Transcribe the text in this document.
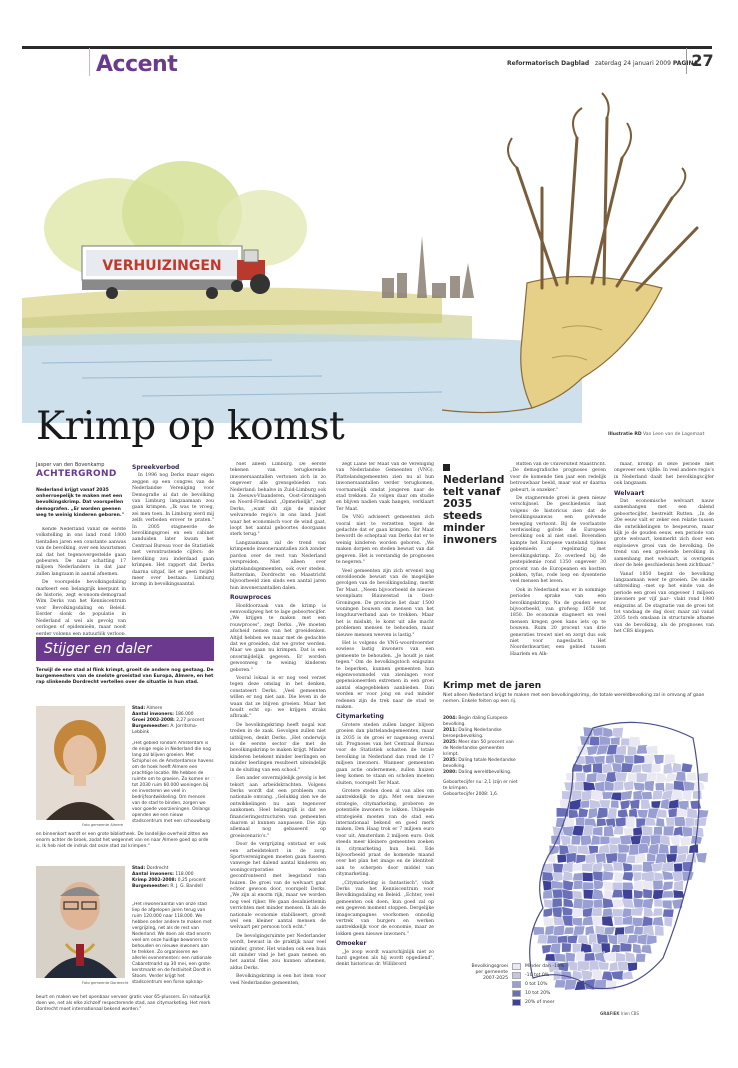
Accent	Reformatorisch Dagblad zaterdag 24 januari 2009 PAGINA
27
VERHUIZINGEN
Krimp op komst	Illustratie RD Van Leen van de Lagemaat
Jasper van den Bovenkamp
ACHTERGROND
Nederland krijgt vanaf 2035 onherroepelijk te maken met een bevolkingskrimp. Dat voorspellen demografen. „Er worden geenen weg te weinig kinderen geboren."

Kende Nederland vanaf de eerste volkstelling in ons land rond 1800 tientallen jaren een constante aanwas van de bevolking, over een kwartsmen zal dat het tegenovergestelde gaan gebeuren. De naar schatting 17 miljoen Nederlanders in dat jaar zullen langzaam in aantal afnemen.

De voorspelde bevolkingsdaling markeert een belangrijk keerpunt in de historie, zegt econoom-demograaf Wim Derks van het Kenniscentrum voor Bevolkingsdaling en Beleid. Eerder slonk de populatie in Nederland al wel als gevolg van oorlogen of epidemieën, maar nooit eerder volgens een natuurlijk verloop,

Spreekverbod

In 1996 nog Derks maar eigen zeggen op een congres van de Nederlandse Vereniging voor Demografie al dat de bevolking van Limburg langzaamaan zou gaan krimpen. „Ik was te vroeg, zei men toen. In Limburg werd mij zelfs verboden erover te praten." In 2005 stagneerde de bevolkingsgroei en een cabinet aanduiden later kwam het Centraal Bureau voor de Statistiek met verontrustende cijfers: de bevolking zou inderdaad gaan krimpen. Het rapport dat Derks daarna uitgaf, liet er geen twijfel meer over bestaan: Limburg kromp in bevolkingsaantal.

Stijger en daler
Terwijl de ene stad al flink krimpt, groeit de andere nog gestaag. De burgemeesters van de snelste groeistad van Europa, Almere, en het rap slinkende Dordrecht vertellen over de situatie in hun stad.
Foto gemeente Almere
Stad: Almere
Aantal inwoners: 186.000
Groei 2002-2008: 2,27 procent
Burgemeester: A. Jorritsma-Lebbink
„Het gebied rondom Amsterdam is de enige regio in Nederland die nog lang zal blijven groeien. Met Schiphol en de Amsterdamse havens om de hoek heeft Almere een prachtige locatie. We hebben de ruimte om te groeien. Zo komen er tot 2030 ruim 60.000 woningen bij en investeren we veel in bedrijfsontwikkeling. Om mensen van de stad te binden, zorgen we voor goede voorzieningen. Onlangs openden we een nieuw stadscentrum met een schouwburg
en binnenkort wordt er een grote bibliotheek. De landelijke overheid zitten we enorm achter de broek, zodat het wegennet van en naar Almere goed op orde is. Ik heb niet de indruk dat onze stad zal krimpen."
Foto gemeente Dordrecht
Stad: Dordrecht
Aantal inwoners: 118.000
Krimp 2002-2008: 0,25 procent
Burgemeester: R. J. G. Bandell
„Het inwoneraantal van onze stad liep de afgelopen jaren terug van ruim 120.000 naar 118.000. We hebben onder andere te maken met vergrijzing, net als de rest van Nederland. We doen als stad enorm veel om onze huidige bewoners te behouden en nieuwe inwoners aan te trekken. Zo organiseren we allerlei evenementen: een nationale Cabaretmarkt op 30 mei, een grote kerstmarkt en de festiviteit Dordt in Stoom. Verder krijgt het stadscentrum een forse opknap-
beurt en maken we het openbaar vervoer gratis voor 65-plussers. En natuurlijk doen we, net als elke zichzelf respecterende stad, aan citymarketing. Het merk Dordrecht moet internationaal bekend worden."

Niet alleen Limburg. De eerste tekenen van terugkerende inwonersaantallen vertonen zich in zo ongeveer alle grensgebieden van Nederland: behalve in Zuid-Limburg ook in Zeeuws-Vlaanderen, Oost-Groningen en Noord-Friesland. „Opmerkelijk", zegt Derks, „want dit zijn de minder welvarende regio's in ons land. Juist waar het economisch voor de wind gaat, loopt het aantal geboortes doorgaans sterk terug."

Langzaamaan zal de trend van krimpende inwoneraantallen zich zonder pardon over de rest van Nederland verspreiden. Niet alleen over plattelandsgemeenten, ook over steden. Rotterdam, Dordrecht en Maastricht bijvoorbeeld zien sinds een aantal jaren hun inwoneraantallen dalen.

Rouwproces

Hoofdoorzaak van de krimp is eenvoudigweg het te lage geboortecijfer. „We krijgen te maken met een rouwproces", zegt Derks. „We moeten afscheid nemen van het groeidenken. Altijd hebben we maar met de gedachte dat we groeiden, dat we groter werden. Maar we gaan nu krimpen. Dat is een onvermijdelijk gegeven. Er worden gewoonweg te weinig kinderen geboren."

Vooral lokaal is er nog veel verzet tegen deze omslag in het denken, constateert Derks. „Veel gemeenten willen er nog niet aan. Die leven in de waan dat ze blijven groeien. Maar het houdt echt op: we krijgen straks afbraak."

De bevolkingskrimp heeft nogal wat treden in de zaak. Gevolgen zullen niet uitblijven, denkt Derks. „Het onderwijs is de eerste sector die met de bevolkingskrimp te maken krijgt. Minder kinderen betekent minder leerlingen en minder leerlingen resulteert uiteindelijk in de sluiting van een school."

Een ander onvermijdelijk gevolg is het tekort aan arbeidskrachten. Volgens Derks wordt dat een probleem van nationale omvang. „Gelukkig zien we de ontwikkelingen nu aan tegenover aankomen. Heel belangrijk is dat we financieringsstructuren van gemeenten daarom al kunnen aanpassen. Die zijn allemaal nog gebaseerd op groeiscenario's."

Door de vergrijzing ontstaat er ook een arbeidstekort in de zorg. Sportverenigingen moeten gaan fuseren vanwege het dalend aantal kinderen en woningcorporaties worden geconfronteerd met leegstand van huizen. De groei van de welvaart gaat echter gewoon door, voorspelt Derks. „We zijn al enorm rijk, maar we worden nog veel rijker. We gaan desalniettemin verrichten met minder mensen. Ik als de nationale economie stabiliseert, groeit wel een kleiner aantal mensen de welvaart per persoon toch echt."

De bevolgingsruimte per Nederlander wordt, bewust in de praktijk naar veel minder, groter. Het winden ook een huis uit minder vind je het gaan nemen en het aantal files zou kunnen afnemen, aldus Derks.

Bevolkingskrimp is een hot item voor veel Nederlandse gemeenten,

zegt Liane ter Maat van de Vereniging van Nederlandse Gemeenten (VNG). Plattelandsgemeenten zien nu al hun inwonersaantallen verder terugkomen, voornamelijk omdat jongeren naar de stad trekken. Zo volgen daar om studie en blijven nadien vaak hangen, verklaart Ter Maat.

De VNG adviseert gemeenten zich vooral niet te verzetten tegen de gedachte dat er gaan krimpen. Ter Maat bewordt de scheptaal van Derks dat er te weinig kinderen worden geboren. „We maken dorpen en steden bewust van dat gegeven. Het is verstandig de prognoses te negeren."

Veel gemeenten zijn zich ervenel nog onvoldoende bewust van de mogelijke gevolgen van de bevolkingsdaling, merkt Ter Maat. „Neem bijvoorbeeld de nieuwe woonplaats Blauwestad in Oost-Groningen. De provincie liet daar 1500 woningen bouwen om mensen van het longduurverband aan te trekken. Maar het is mislukt; le komt uit alle macht problemen mensen te behouden, maar nieuwe mensen weeven is lastig."

Het is volgens de VNG-woordvoerster sowieso lastig inwoners van een gemeente te behouden. „Je houdt je niet tegen." Om de bevolkingstoch enigszins te beperken, kunnen gemeenten hun eigenwoonmodel van zieningen voor gepensioneerden extremen in een groei aantal elagegebleken aanbieden. Dan worden er voor jong en oud minder redenen zijn de trek naar de stad te maken.

Citymarketing

Grotere steden zullen langer blijven groeien dan plattelandsgemeenten, maar in 2035 is de groei er nagenoeg overal uit. Prognoses van het Centraal Bureau voor de Statistiek schatten de totale bevolking in Nederland dan rond de 17 miljoen inwoners. Wanneer gemeenten gaan actie ondernemen, zullen huizen leeg komen te staan en scholen moeten sluiten, voorspelt Ter Maat.

Grotere steden doen al van alles om aantrekkelijk te zijn. Met een nieuwe strategie, citymarketing, proberen ze potentiële inwoners te lokken. Utilegede strategieën moeten van de stad een internationaal bekend en goed merk maken. Den Haag trok er 7 miljoen euro voor uit, Amsterdam 2 miljoen euro. Ook steeds meer kleinere gemeenten zoeken in citymarketing hun heil. Ede bijvoorbeeld praat de komende maand over het plan het imago en de identiteit aan te scherpen door middel van citymarketing.

„Citymarketing is fantastisch", vindt Derks van het Kenniscentrum voor Bevolkingsdaling en Beleid. „Echter, veel gemeenten ook doen, kun goed zal op een gegeven moment stoppen. Dergelijke imagocampagnes voorkomen onnodig vertrek van burgers en werken aantrekkelijk voor de economie, maar ze lokken geen nieuwe inwoners."

Omoeker

„Je zoop wordt waarschijnlijk niet zo hard gegeten als hij wordt opgediend", denkt historicus dr. Willibrord

Nederland telt vanaf 2035 steeds minder inwoners

Rutten van de Universiteit Maastricht. „De demografische prognoses geven voor de komende tien jaar een redelijk betrouwbaar beeld, maar wat er daarna gebeurt, is onzeker."

De stagnerende groei is geen nieuw verschijnsel. De geschiedenis laat volgens de historicus zien dat de bevolkingsaanwas een golvende beweging vertoont. Bij de voorlaatste verdwiseling golvde de Europese bevolking ook al niet snel. Bovendien kampte het Europese vasteland tijdens epidemieën al regelmatig met bevolkingskrimp. Zo overleed bij de pestepidemie rond 1350 ongeveer 30 procent van de Europeanen en kostten pokken, tyfus, rode loop en dysenterie veel mensen het leven.

Ook in Nederland was er in sommige periodes sprake van een bevolkingskrimp. Na de gouden eeuw bijvoorbeeld, van grofweg 1650 tot 1850. De economie stagneert en veel mensen kregen geen kans iets op te bouwen. Ruim 20 procent van drie generaties trouwt niet en zorgt dus ook niet voor nageslacht. Het Noorderkwartier, een gebied tussen Haarlem en Alk-

maar, kromp in deze periode met ongeveer een vijfde. In veel andere regio's in Nederland daalt het bevolkingscijfer ook langzaam.

Welvaart

Dat economische welvaart nauw samenhangen met een dalend geboortecijfer, bestreidt Rutten. „In de 20e eeuw valt er zeker een relatie tussen die ontwikkelingen te bespeuren, maar kijk je de gouden eeuw, een periode van grote welvaart, kenmerkt zich door een explosieve groei van de bevolking. De trend van een groeiende bevolking in samenhang met welvaart, is overigens door de hele geschiedenis heen zichtbaar."

Vanaf 1850 begint de bevolking langzaamaan weer te groeien. De snelle uitbreiding –met op het einde van de periode een groei van ongeveer 1 miljoen inwoners per vijf jaar– vlakt rond 1980 enigszins af. De stagnatie van de groei tot tot vandaag de dag door, maar zal vanaf 2035 toch omslaan in structurele afname van de bevolking, als de prognoses van het CBS kloppen.

Krimp met de jaren
Niet alleen Nederland krijgt te maken met een bevolkingskrimp, de totale wereldbevolking zal in omvang af gaan nemen. Enkele feiten op een rij.
2004: Begin daling Europese bevolking.
2011: Daling Nederlandse beroepsbevolking.
2025: Meer dan 50 procent van de Nederlandse gemeenten krimpt.
2035: Daling totale Nederlandse bevolking.
2080: Daling wereldbevolking.
Geboortecijfer nu: 2,1 (zijn er niet te krimpen.
Geboortecijfer 2008: 1,6.
Bevolkingsgroei per gemeente 2007-2025
Minder dan -10%
-10 tot 0%
0 tot 10%
10 tot 20%
20% of meer
GRAFIEK Irien CBS
